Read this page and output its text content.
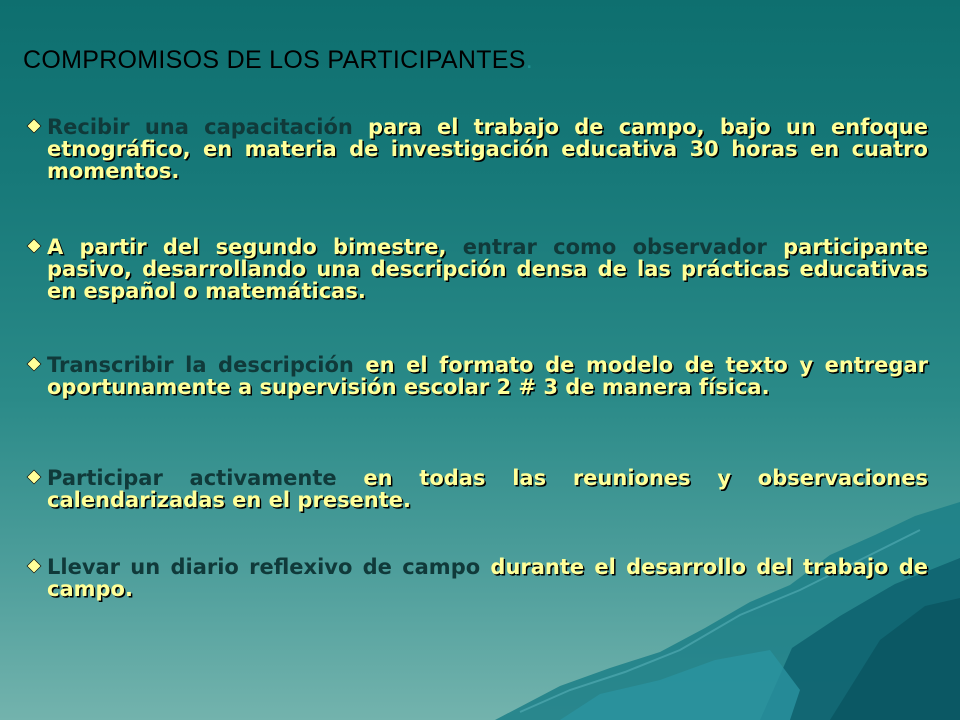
COMPROMISOS DE LOS PARTICIPANTES.
Recibir una capacitación para el trabajo de campo, bajo un enfoque etnográfico, en materia de investigación educativa 30 horas en cuatro momentos.
A partir del segundo bimestre, entrar como observador participante pasivo, desarrollando una descripción densa de las prácticas educativas en español o matemáticas.
Transcribir la descripción en el formato de modelo de texto y entregar oportunamente a supervisión escolar 2 # 3 de manera física.
Participar activamente en todas las reuniones y observaciones calendarizadas en el presente.
Llevar un diario reflexivo de campo durante el desarrollo del trabajo de campo.
